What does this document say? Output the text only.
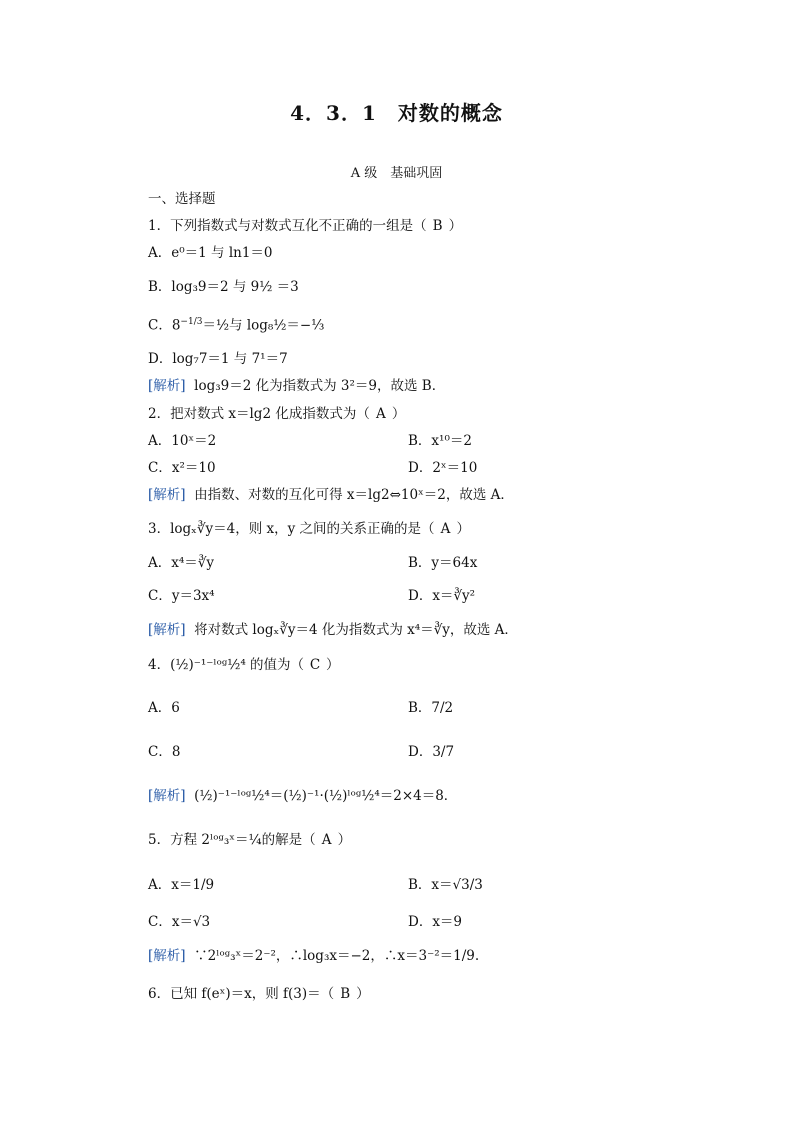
4．3．1　对数的概念
A 级　基础巩固
一、选择题
1．下列指数式与对数式互化不正确的一组是（ B ）
A．e⁰＝1 与 ln1＝0
B．log₃9＝2 与 9½ ＝3
C．$8^{-1/3}=\frac{1}{2}$与 log₈½＝−⅓
D．log₇7＝1 与 7¹＝7
[解析] log₃9＝2 化为指数式为 3²＝9，故选 B．
2．把对数式 x＝lg2 化成指数式为（ A ）
A．10ˣ＝2	B．x¹⁰＝2
C．x²＝10	D．2ˣ＝10
[解析] 由指数、对数的互化可得 x＝lg2⇔10ˣ＝2，故选 A．
3．logₓ∛y＝4，则 x，y 之间的关系正确的是（ A ）
A．x⁴＝∛y	B．y＝64x
C．y＝3x⁴	D．x＝∛y²
[解析] 将对数式 logₓ∛y＝4 化为指数式为 x⁴＝∛y，故选 A．
4．(½)⁻¹⁻ˡᵒᵍ½⁴ 的值为（ C ）
A．6	B．7/2
C．8	D．3/7
[解析] (½)⁻¹⁻ˡᵒᵍ½⁴＝(½)⁻¹·(½)ˡᵒᵍ½⁴＝2×4＝8．
5．方程 2ˡᵒᵍ₃ˣ＝¼的解是（ A ）
A．x＝1/9	B．x＝√3/3
C．x＝√3	D．x＝9
[解析] ∵2ˡᵒᵍ₃ˣ＝2⁻²，∴log₃x＝−2，∴x＝3⁻²＝1/9.
6．已知 f(eˣ)＝x，则 f(3)＝（ B ）
